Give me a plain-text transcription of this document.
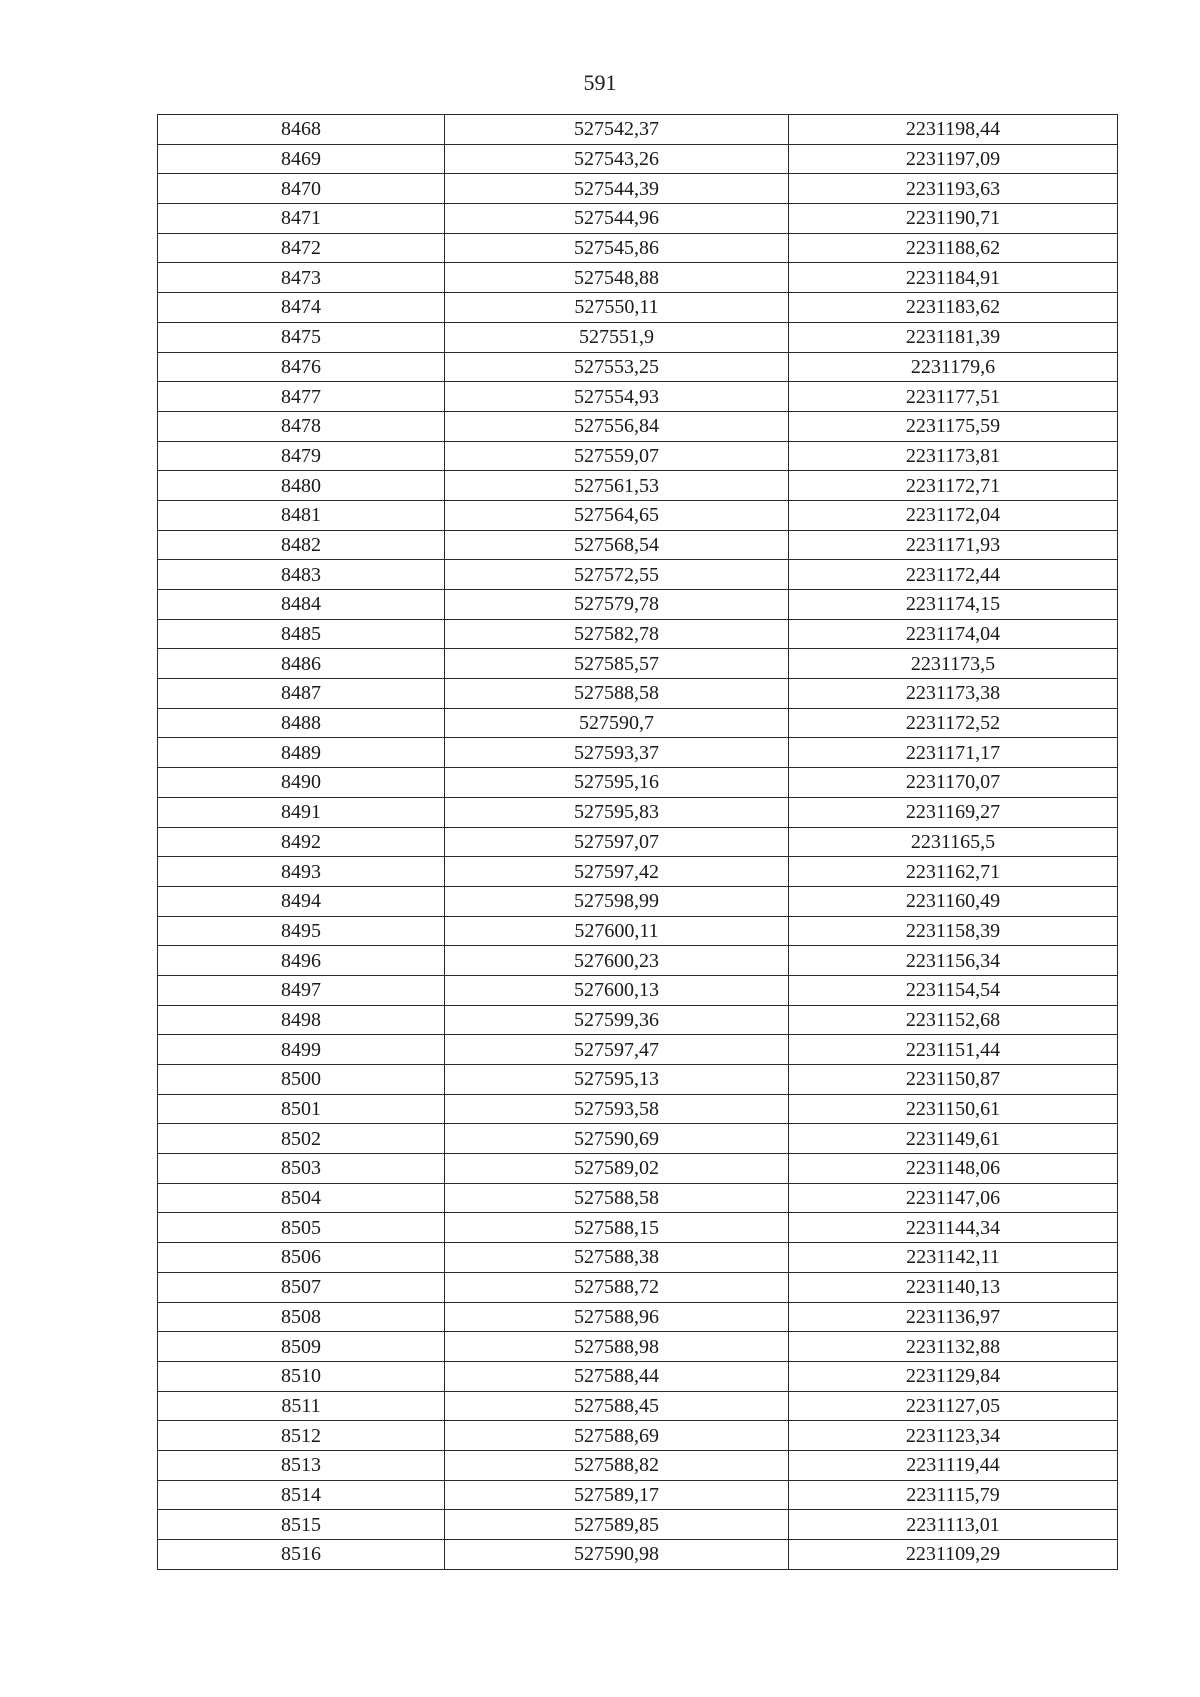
591
8468	527542,37	2231198,44
8469	527543,26	2231197,09
8470	527544,39	2231193,63
8471	527544,96	2231190,71
8472	527545,86	2231188,62
8473	527548,88	2231184,91
8474	527550,11	2231183,62
8475	527551,9	2231181,39
8476	527553,25	2231179,6
8477	527554,93	2231177,51
8478	527556,84	2231175,59
8479	527559,07	2231173,81
8480	527561,53	2231172,71
8481	527564,65	2231172,04
8482	527568,54	2231171,93
8483	527572,55	2231172,44
8484	527579,78	2231174,15
8485	527582,78	2231174,04
8486	527585,57	2231173,5
8487	527588,58	2231173,38
8488	527590,7	2231172,52
8489	527593,37	2231171,17
8490	527595,16	2231170,07
8491	527595,83	2231169,27
8492	527597,07	2231165,5
8493	527597,42	2231162,71
8494	527598,99	2231160,49
8495	527600,11	2231158,39
8496	527600,23	2231156,34
8497	527600,13	2231154,54
8498	527599,36	2231152,68
8499	527597,47	2231151,44
8500	527595,13	2231150,87
8501	527593,58	2231150,61
8502	527590,69	2231149,61
8503	527589,02	2231148,06
8504	527588,58	2231147,06
8505	527588,15	2231144,34
8506	527588,38	2231142,11
8507	527588,72	2231140,13
8508	527588,96	2231136,97
8509	527588,98	2231132,88
8510	527588,44	2231129,84
8511	527588,45	2231127,05
8512	527588,69	2231123,34
8513	527588,82	2231119,44
8514	527589,17	2231115,79
8515	527589,85	2231113,01
8516	527590,98	2231109,29
